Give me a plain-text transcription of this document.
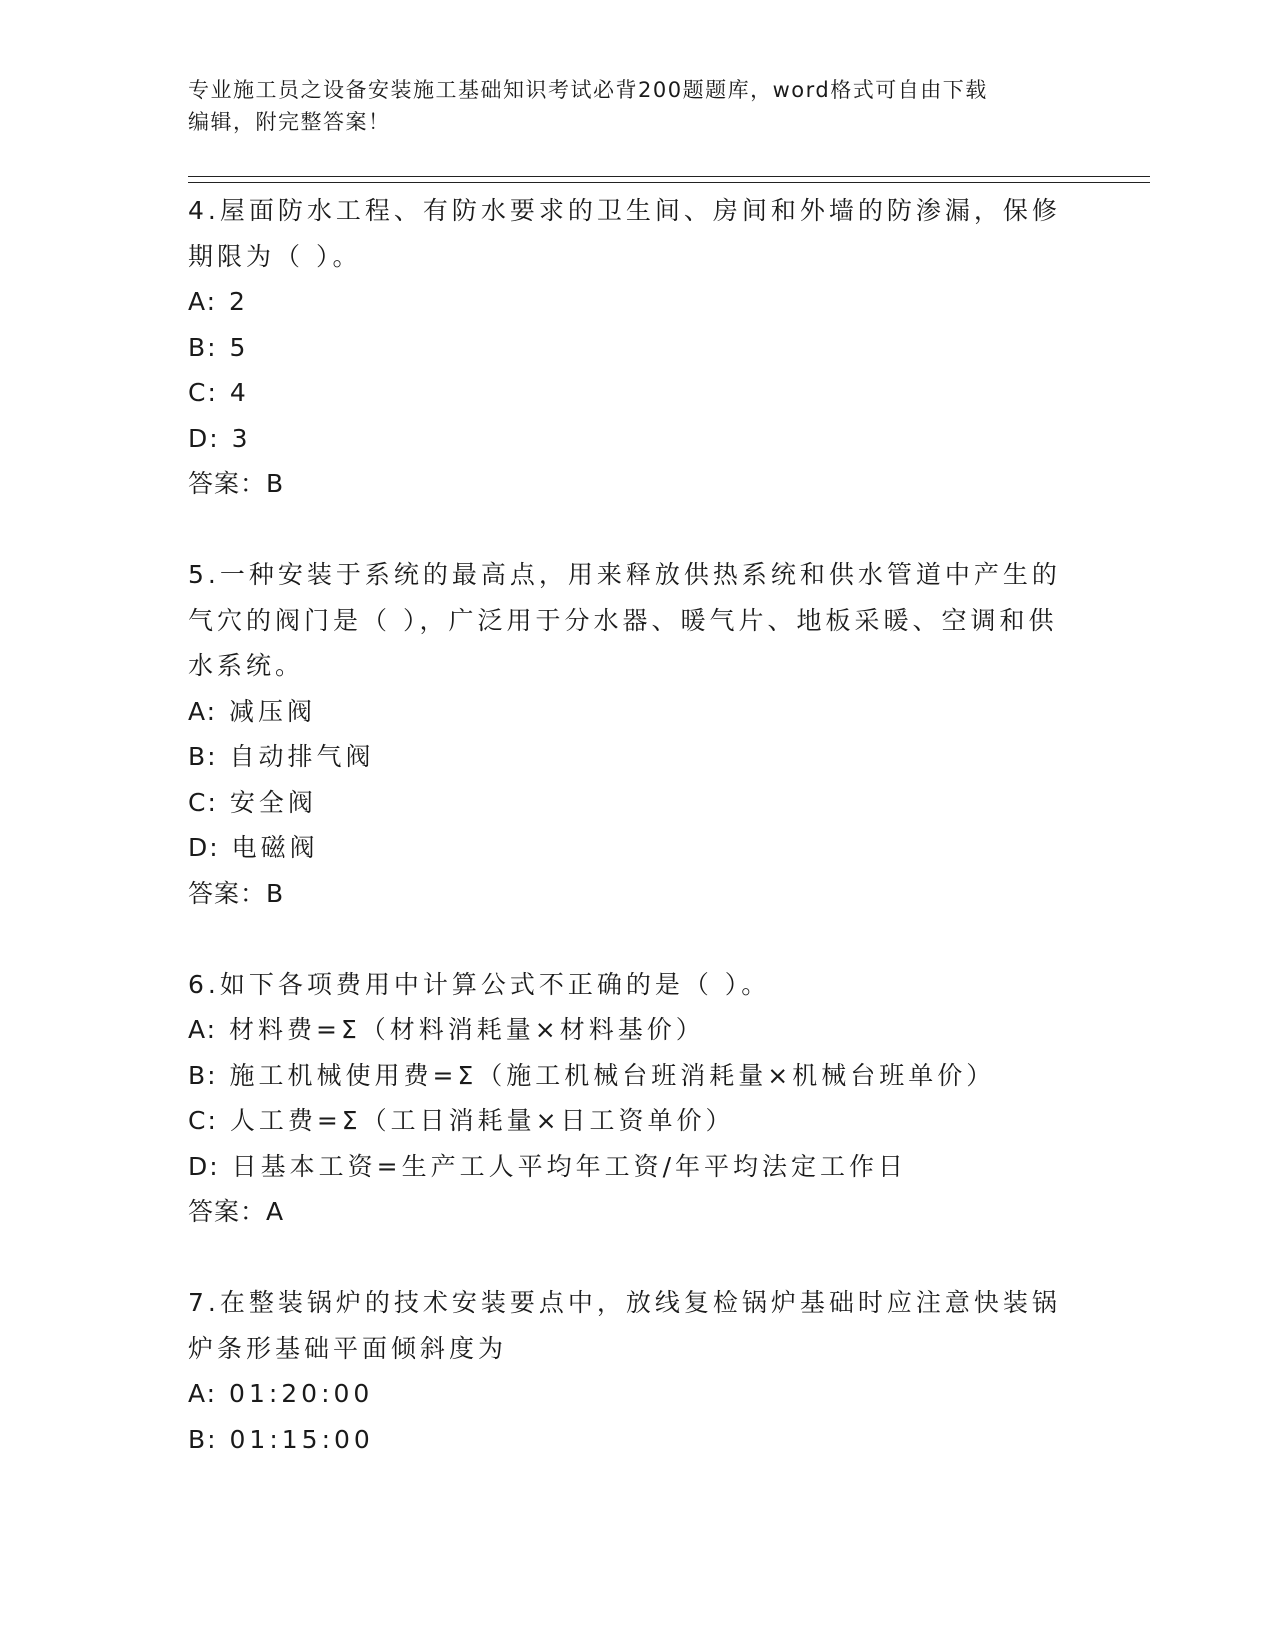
专业施工员之设备安装施工基础知识考试必背200题题库，word格式可自由下载
编辑，附完整答案！
4.屋面防水工程、有防水要求的卫生间、房间和外墙的防渗漏，保修
期限为（ ）。
A: 2
B: 5
C: 4
D: 3
答案：B
5.一种安装于系统的最高点，用来释放供热系统和供水管道中产生的
气穴的阀门是（ ），广泛用于分水器、暖气片、地板采暖、空调和供
水系统。
A: 减压阀
B: 自动排气阀
C: 安全阀
D: 电磁阀
答案：B
6.如下各项费用中计算公式不正确的是（ ）。
A: 材料费=Σ（材料消耗量×材料基价）
B: 施工机械使用费=Σ（施工机械台班消耗量×机械台班单价）
C: 人工费=Σ（工日消耗量×日工资单价）
D: 日基本工资=生产工人平均年工资/年平均法定工作日
答案：A
7.在整装锅炉的技术安装要点中，放线复检锅炉基础时应注意快装锅
炉条形基础平面倾斜度为
A: 01:20:00
B: 01:15:00
